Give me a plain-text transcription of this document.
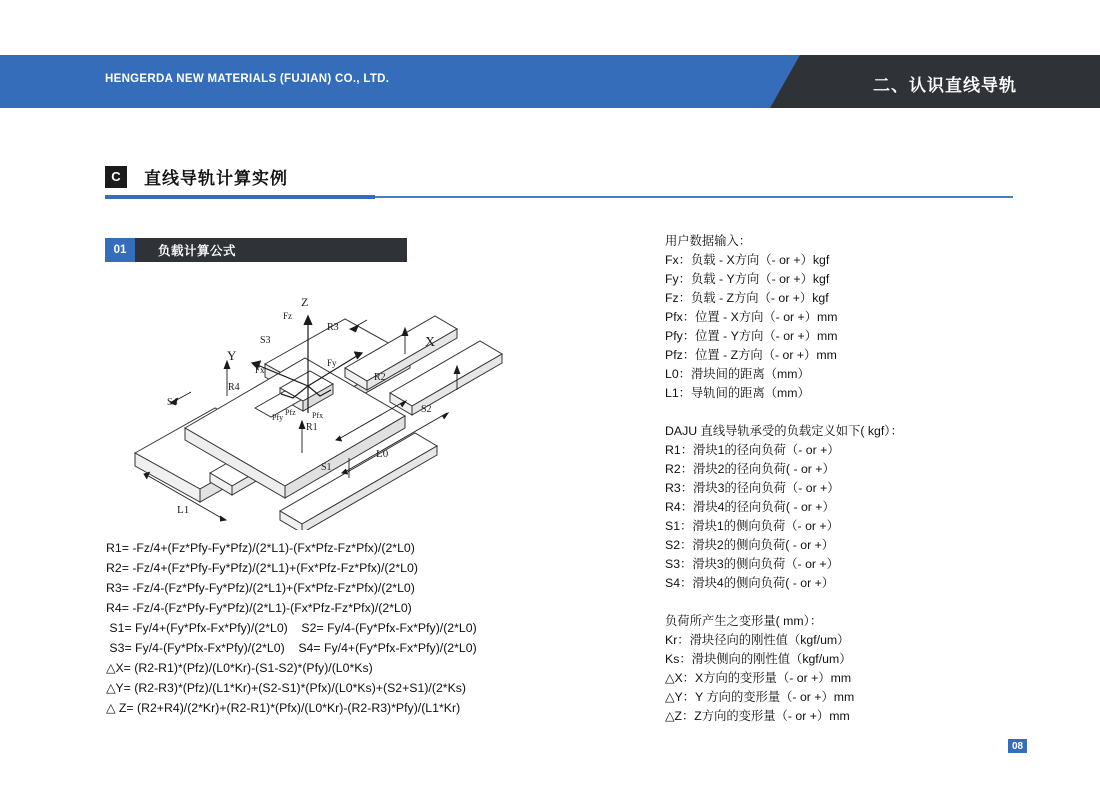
HENGERDA NEW MATERIALS (FUJIAN) CO., LTD.	二、认识直线导轨
C	直线导轨计算实例
01	负载计算公式
Z
X
Y
Fz
Fx
Fy
Pfz Pfx
Pfy
R1
R2
R3
R4
S1
S2
S3
S4
L0
L1
R1= -Fz/4+(Fz*Pfy-Fy*Pfz)/(2*L1)-(Fx*Pfz-Fz*Pfx)/(2*L0)
R2= -Fz/4+(Fz*Pfy-Fy*Pfz)/(2*L1)+(Fx*Pfz-Fz*Pfx)/(2*L0)
R3= -Fz/4-(Fz*Pfy-Fy*Pfz)/(2*L1)+(Fx*Pfz-Fz*Pfx)/(2*L0)
R4= -Fz/4-(Fz*Pfy-Fy*Pfz)/(2*L1)-(Fx*Pfz-Fz*Pfx)/(2*L0)
S1= Fy/4+(Fy*Pfx-Fx*Pfy)/(2*L0)    S2= Fy/4-(Fy*Pfx-Fx*Pfy)/(2*L0)
S3= Fy/4-(Fy*Pfx-Fx*Pfy)/(2*L0)    S4= Fy/4+(Fy*Pfx-Fx*Pfy)/(2*L0)
△X= (R2-R1)*(Pfz)/(L0*Kr)-(S1-S2)*(Pfy)/(L0*Ks)
△Y= (R2-R3)*(Pfz)/(L1*Kr)+(S2-S1)*(Pfx)/(L0*Ks)+(S2+S1)/(2*Ks)
△ Z= (R2+R4)/(2*Kr)+(R2-R1)*(Pfx)/(L0*Kr)-(R2-R3)*Pfy)/(L1*Kr)
用户数据输入：
Fx：负载 - X方向（- or +）kgf
Fy：负载 - Y方向（- or +）kgf
Fz：负载 - Z方向（- or +）kgf
Pfx：位置 - X方向（- or +）mm
Pfy：位置 - Y方向（- or +）mm
Pfz：位置 - Z方向（- or +）mm
L0：滑块间的距离（mm）
L1：导轨间的距离（mm）
DAJU 直线导轨承受的负载定义如下( kgf）：
R1：滑块1的径向负荷（- or +）
R2：滑块2的径向负荷( - or +）
R3：滑块3的径向负荷（- or +）
R4：滑块4的径向负荷( - or +）
S1：滑块1的侧向负荷（- or +）
S2：滑块2的侧向负荷( - or +）
S3：滑块3的侧向负荷（- or +）
S4：滑块4的侧向负荷( - or +）
负荷所产生之变形量( mm）：
Kr：滑块径向的刚性值（kgf/um）
Ks：滑块侧向的刚性值（kgf/um）
△X：X方向的变形量（- or +）mm
△Y：Y 方向的变形量（- or +）mm
△Z：Z方向的变形量（- or +）mm
08
